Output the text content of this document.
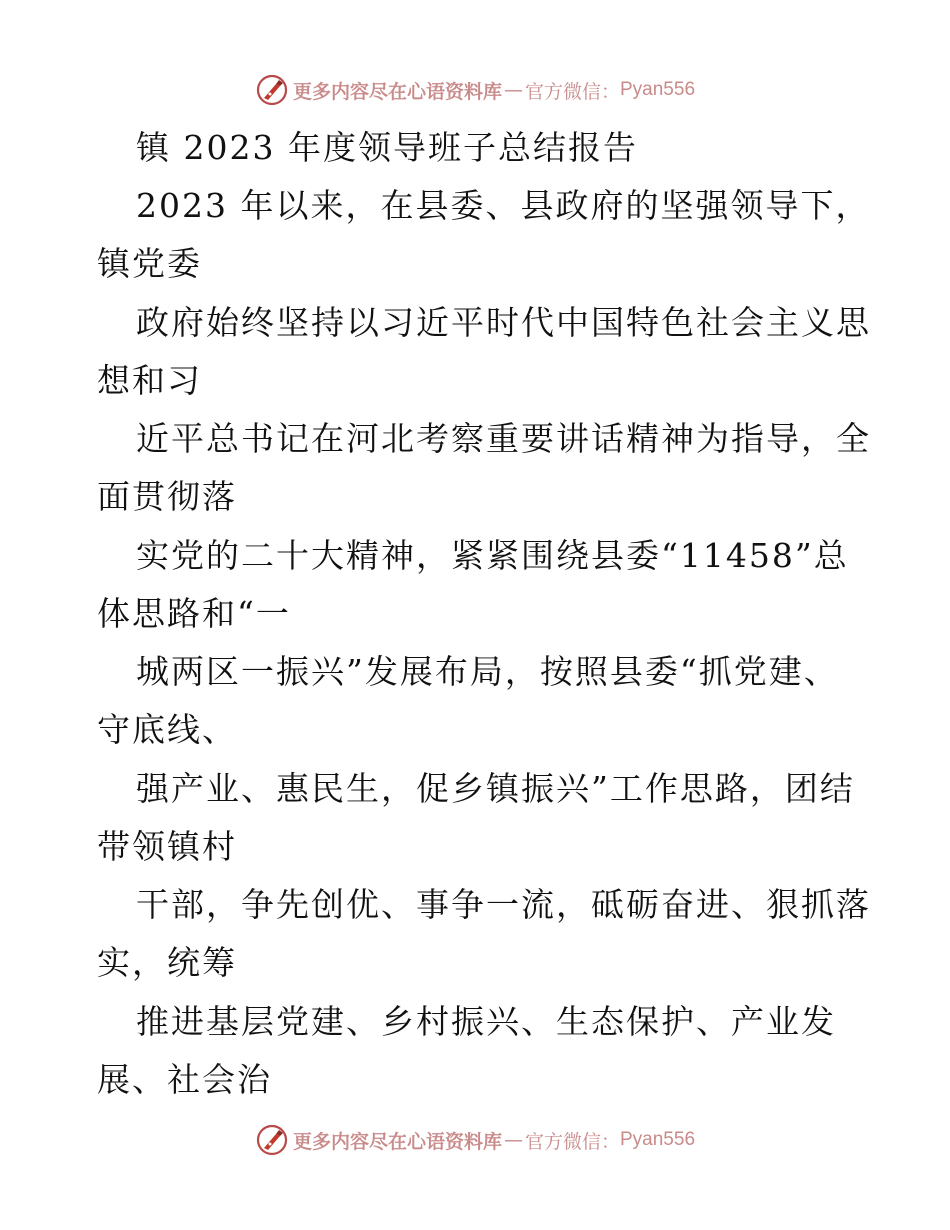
更多内容尽在心语资料库 — 官方微信： Pyan556
镇 2023 年度领导班子总结报告
2023 年以来，在县委、县政府的坚强领导下，
镇党委
政府始终坚持以习近平时代中国特色社会主义思
想和习
近平总书记在河北考察重要讲话精神为指导，全
面贯彻落
实党的二十大精神，紧紧围绕县委“11458”总
体思路和“一
城两区一振兴”发展布局，按照县委“抓党建、
守底线、
强产业、惠民生，促乡镇振兴”工作思路，团结
带领镇村
干部，争先创优、事争一流，砥砺奋进、狠抓落
实，统筹
推进基层党建、乡村振兴、生态保护、产业发
展、社会治
更多内容尽在心语资料库 — 官方微信： Pyan556
